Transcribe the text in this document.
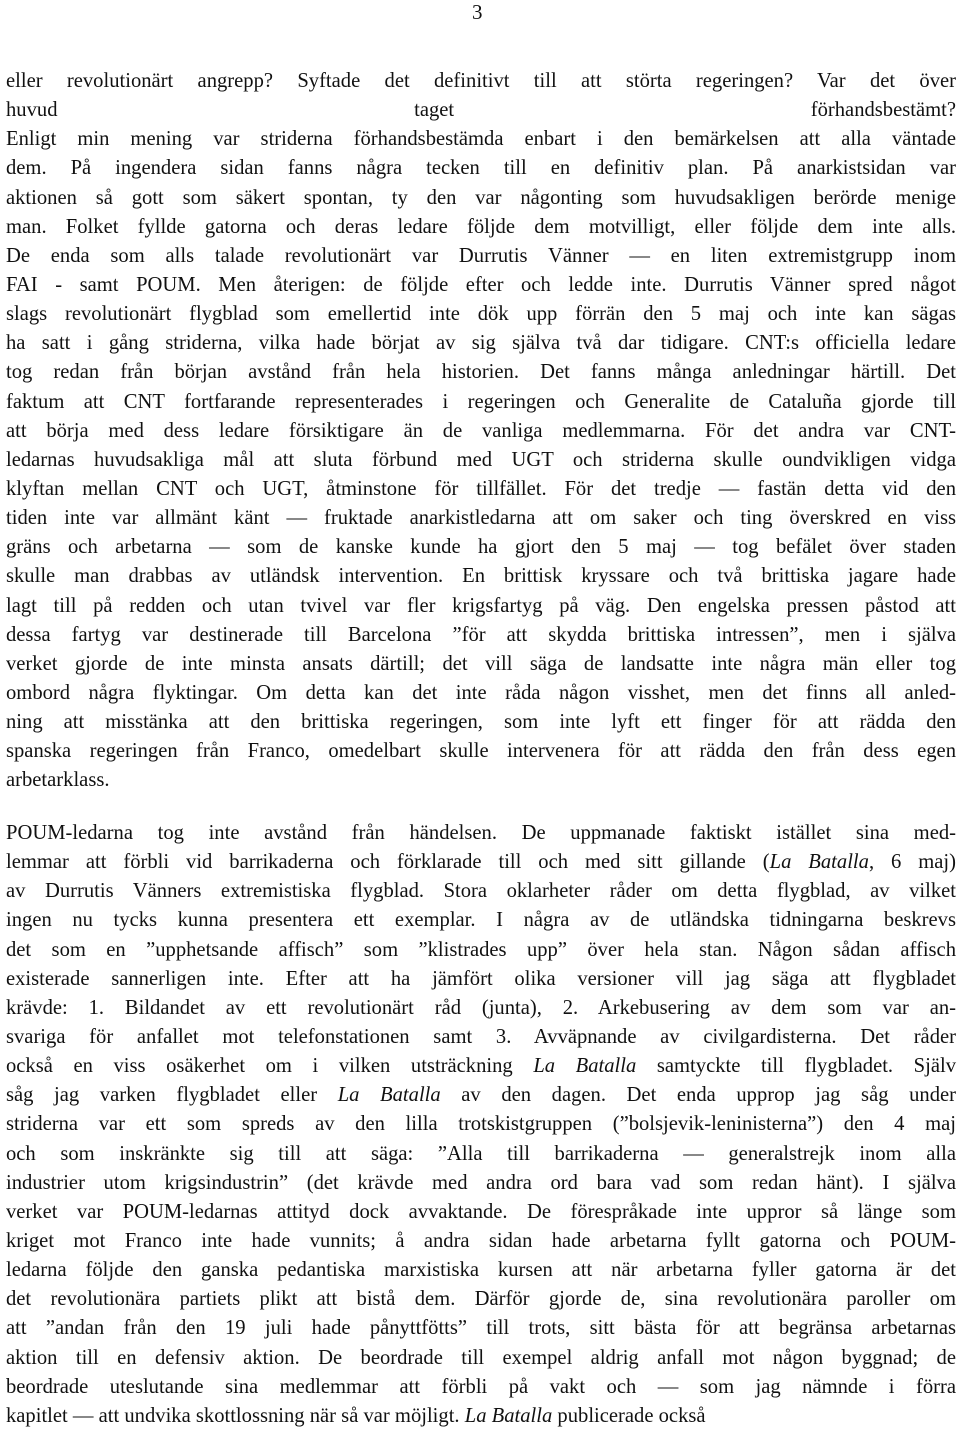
3
eller revolutionärt angrepp? Syftade det definitivt till att störta regeringen? Var det över
huvud taget förhandsbestämt?
Enligt min mening var striderna förhandsbestämda enbart i den bemärkelsen att alla väntade
dem. På ingendera sidan fanns några tecken till en definitiv plan. På anarkistsidan var
aktionen så gott som säkert spontan, ty den var någonting som huvudsakligen berörde menige
man. Folket fyllde gatorna och deras ledare följde dem motvilligt, eller följde dem inte alls.
De enda som alls talade revolutionärt var Durrutis Vänner — en liten extremistgrupp inom
FAI - samt POUM. Men återigen: de följde efter och ledde inte. Durrutis Vänner spred något
slags revolutionärt flygblad som emellertid inte dök upp förrän den 5 maj och inte kan sägas
ha satt i gång striderna, vilka hade börjat av sig själva två dar tidigare. CNT:s officiella ledare
tog redan från början avstånd från hela historien. Det fanns många anledningar härtill. Det
faktum att CNT fortfarande representerades i regeringen och Generalite de Cataluña gjorde till
att börja med dess ledare försiktigare än de vanliga medlemmarna. För det andra var CNT-
ledarnas huvudsakliga mål att sluta förbund med UGT och striderna skulle oundvikligen vidga
klyftan mellan CNT och UGT, åtminstone för tillfället. För det tredje — fastän detta vid den
tiden inte var allmänt känt — fruktade anarkistledarna att om saker och ting överskred en viss
gräns och arbetarna — som de kanske kunde ha gjort den 5 maj — tog befälet över staden
skulle man drabbas av utländsk intervention. En brittisk kryssare och två brittiska jagare hade
lagt till på redden och utan tvivel var fler krigsfartyg på väg. Den engelska pressen påstod att
dessa fartyg var destinerade till Barcelona ”för att skydda brittiska intressen”, men i själva
verket gjorde de inte minsta ansats därtill; det vill säga de landsatte inte några män eller tog
ombord några flyktingar. Om detta kan det inte råda någon visshet, men det finns all anled-
ning att misstänka att den brittiska regeringen, som inte lyft ett finger för att rädda den
spanska regeringen från Franco, omedelbart skulle intervenera för att rädda den från dess egen
arbetarklass.
POUM-ledarna tog inte avstånd från händelsen. De uppmanade faktiskt istället sina med-
lemmar att förbli vid barrikaderna och förklarade till och med sitt gillande (La Batalla, 6 maj)
av Durrutis Vänners extremistiska flygblad. Stora oklarheter råder om detta flygblad, av vilket
ingen nu tycks kunna presentera ett exemplar. I några av de utländska tidningarna beskrevs
det som en ”upphetsande affisch” som ”klistrades upp” över hela stan. Någon sådan affisch
existerade sannerligen inte. Efter att ha jämfört olika versioner vill jag säga att flygbladet
krävde: 1. Bildandet av ett revolutionärt råd (junta), 2. Arkebusering av dem som var an-
svariga för anfallet mot telefonstationen samt 3. Avväpnande av civilgardisterna. Det råder
också en viss osäkerhet om i vilken utsträckning La Batalla samtyckte till flygbladet. Själv
såg jag varken flygbladet eller La Batalla av den dagen. Det enda upprop jag såg under
striderna var ett som spreds av den lilla trotskistgruppen (”bolsjevik-leninisterna”) den 4 maj
och som inskränkte sig till att säga: ”Alla till barrikaderna — generalstrejk inom alla
industrier utom krigsindustrin” (det krävde med andra ord bara vad som redan hänt). I själva
verket var POUM-ledarnas attityd dock avvaktande. De förespråkade inte uppror så länge som
kriget mot Franco inte hade vunnits; å andra sidan hade arbetarna fyllt gatorna och POUM-
ledarna följde den ganska pedantiska marxistiska kursen att när arbetarna fyller gatorna är det
det revolutionära partiets plikt att bistå dem. Därför gjorde de, sina revolutionära paroller om
att ”andan från den 19 juli hade pånyttfötts” till trots, sitt bästa för att begränsa arbetarnas
aktion till en defensiv aktion. De beordrade till exempel aldrig anfall mot någon byggnad; de
beordrade uteslutande sina medlemmar att förbli på vakt och — som jag nämnde i förra
kapitlet — att undvika skottlossning när så var möjligt. La Batalla publicerade också
